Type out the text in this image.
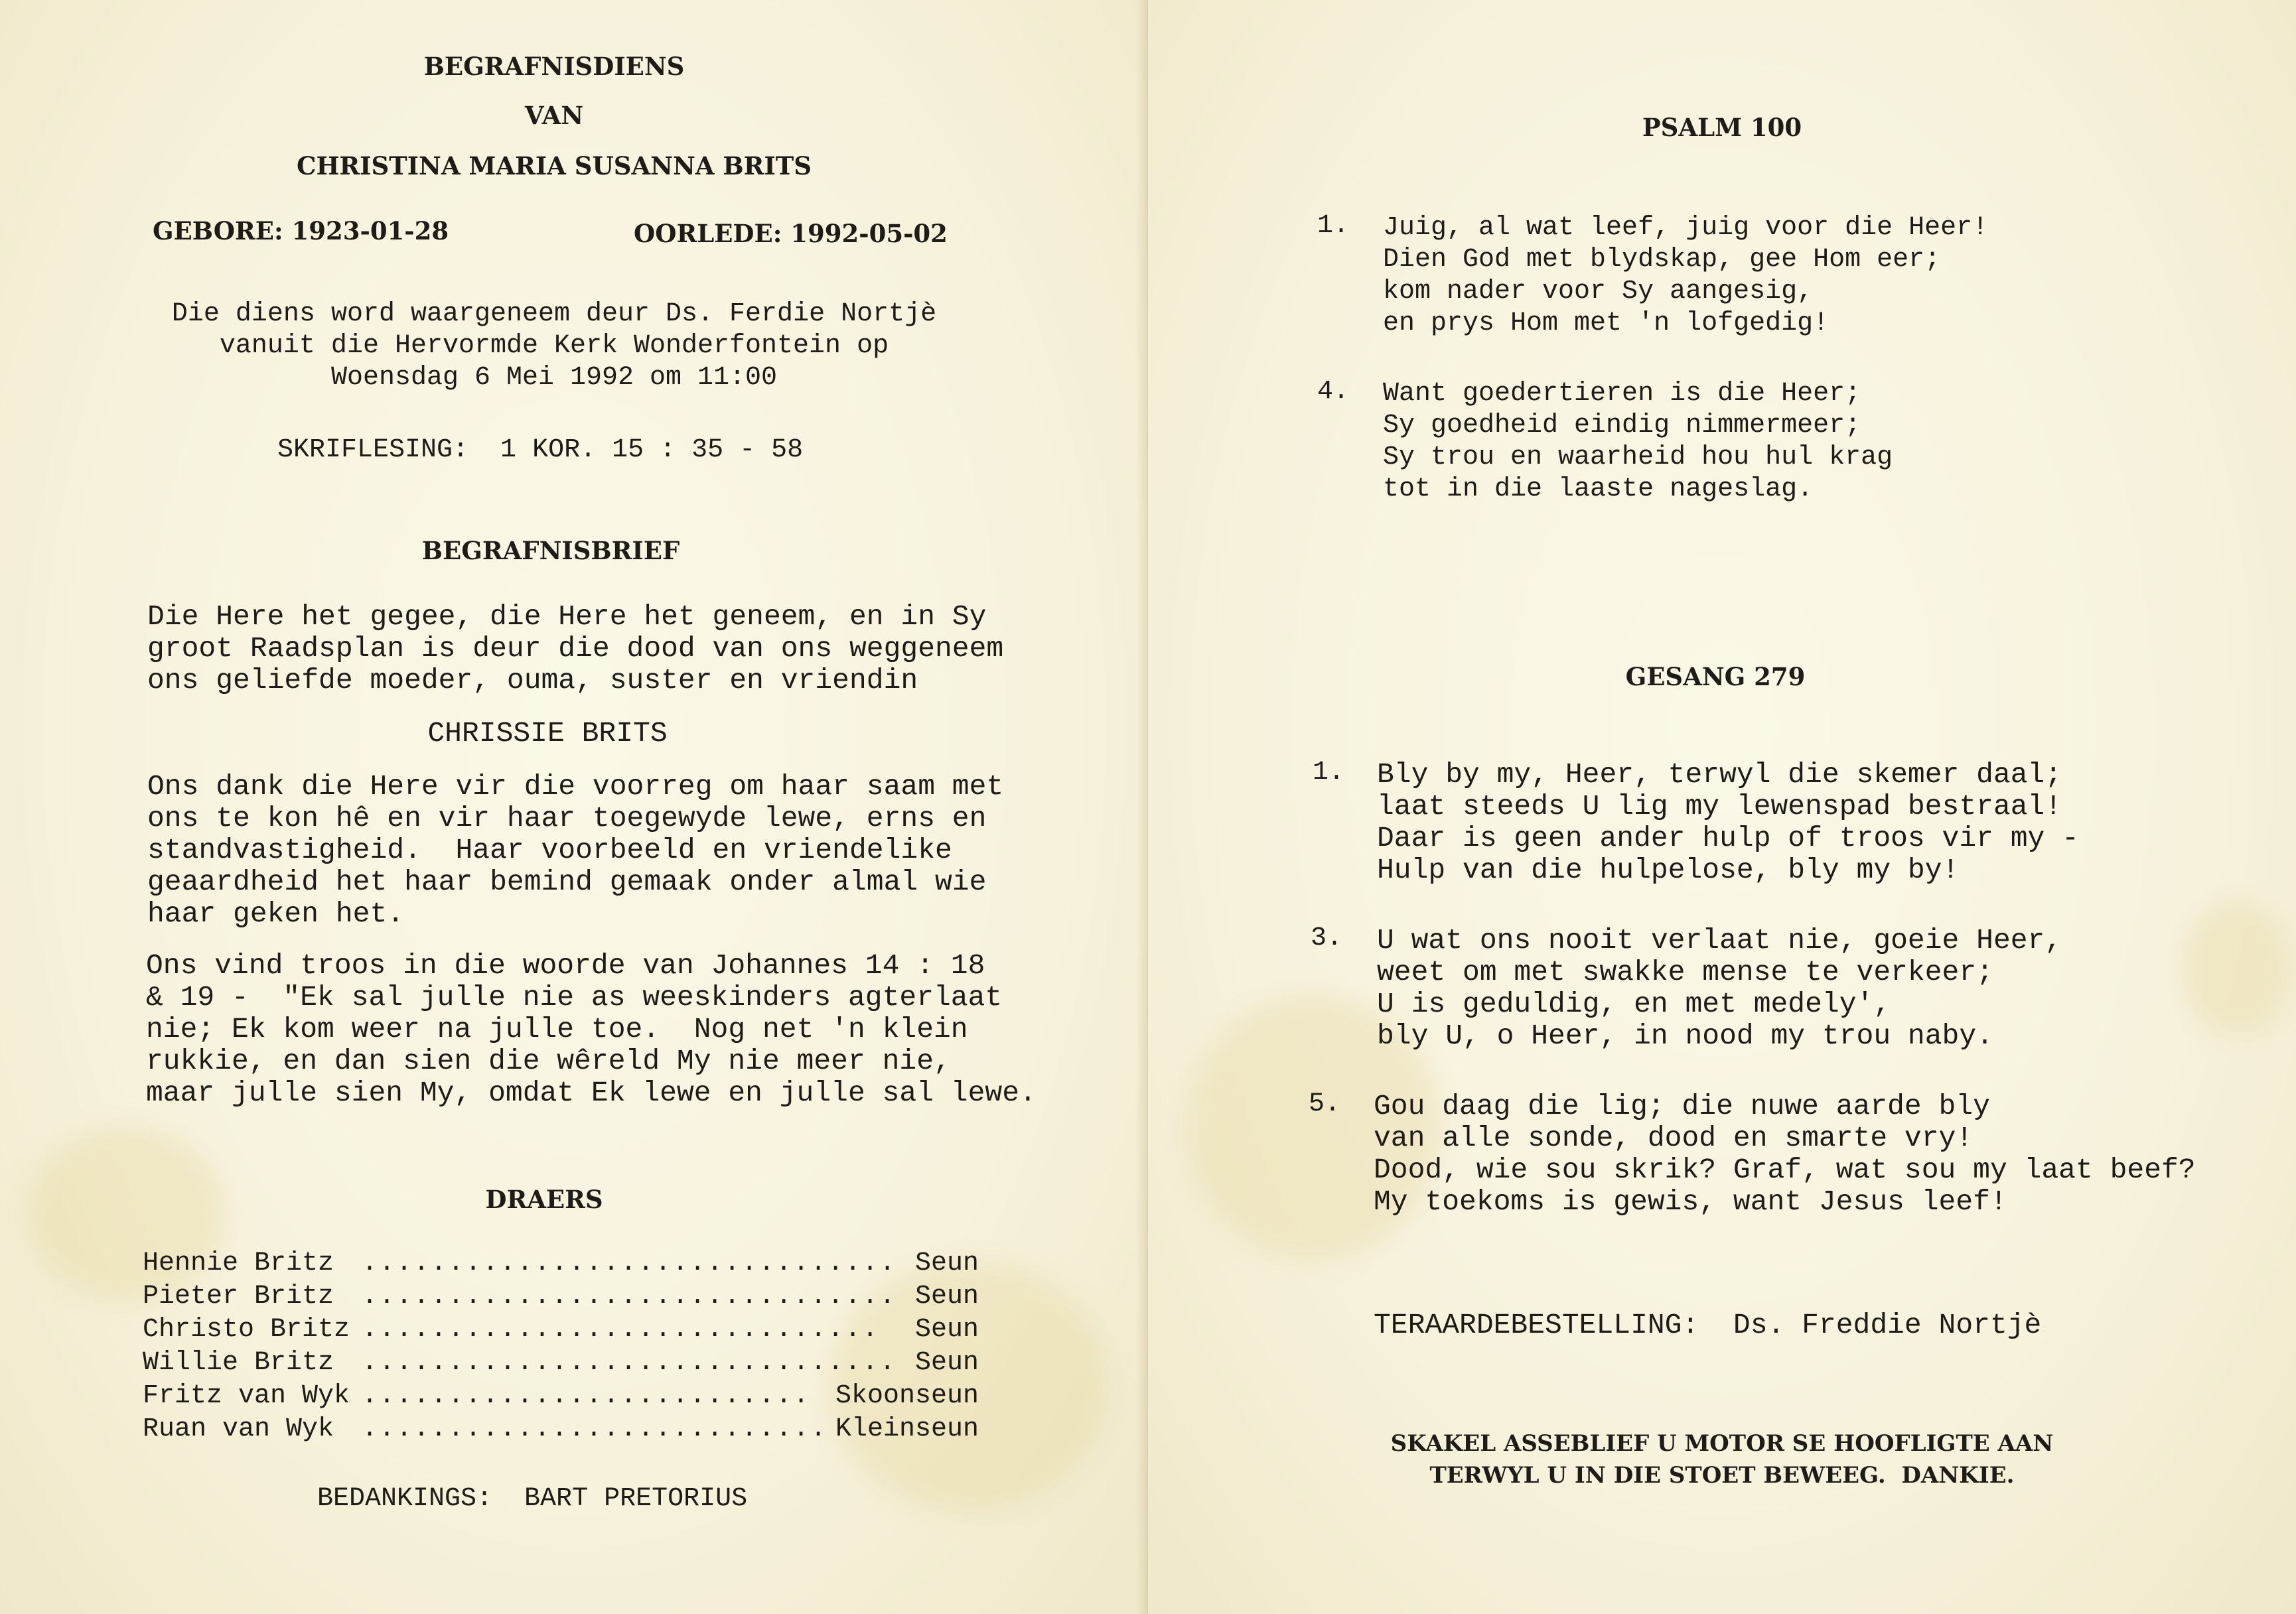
BEGRAFNISDIENS
VAN
CHRISTINA MARIA SUSANNA BRITS
GEBORE: 1923-01-28	OORLEDE: 1992-05-02
Die diens word waargeneem deur Ds. Ferdie Nortjè
vanuit die Hervormde Kerk Wonderfontein op
Woensdag 6 Mei 1992 om 11:00
SKRIFLESING:  1 KOR. 15 : 35 - 58
BEGRAFNISBRIEF
Die Here het gegee, die Here het geneem, en in Sy
groot Raadsplan is deur die dood van ons weggeneem
ons geliefde moeder, ouma, suster en vriendin
CHRISSIE BRITS
Ons dank die Here vir die voorreg om haar saam met
ons te kon hê en vir haar toegewyde lewe, erns en
standvastigheid.  Haar voorbeeld en vriendelike
geaardheid het haar bemind gemaak onder almal wie
haar geken het.
Ons vind troos in die woorde van Johannes 14 : 18
& 19 -  "Ek sal julle nie as weeskinders agterlaat
nie; Ek kom weer na julle toe.  Nog net 'n klein
rukkie, en dan sien die wêreld My nie meer nie,
maar julle sien My, omdat Ek lewe en julle sal lewe.
DRAERS
Hennie Britz ............................... Seun
Pieter Britz ............................... Seun
Christo Britz .............................. Seun
Willie Britz ............................... Seun
Fritz van Wyk .......................... Skoonseun
Ruan van Wyk ........................... Kleinseun
BEDANKINGS:  BART PRETORIUS
PSALM 100
1. Juig, al wat leef, juig voor die Heer!
Dien God met blydskap, gee Hom eer;
kom nader voor Sy aangesig,
en prys Hom met 'n lofgedig!
4. Want goedertieren is die Heer;
Sy goedheid eindig nimmermeer;
Sy trou en waarheid hou hul krag
tot in die laaste nageslag.
GESANG 279
1. Bly by my, Heer, terwyl die skemer daal;
laat steeds U lig my lewenspad bestraal!
Daar is geen ander hulp of troos vir my -
Hulp van die hulpelose, bly my by!
3. U wat ons nooit verlaat nie, goeie Heer,
weet om met swakke mense te verkeer;
U is geduldig, en met medely',
bly U, o Heer, in nood my trou naby.
5. Gou daag die lig; die nuwe aarde bly
van alle sonde, dood en smarte vry!
Dood, wie sou skrik? Graf, wat sou my laat beef?
My toekoms is gewis, want Jesus leef!
TERAARDEBESTELLING:  Ds. Freddie Nortjè
SKAKEL ASSEBLIEF U MOTOR SE HOOFLIGTE AAN
TERWYL U IN DIE STOET BEWEEG.  DANKIE.
